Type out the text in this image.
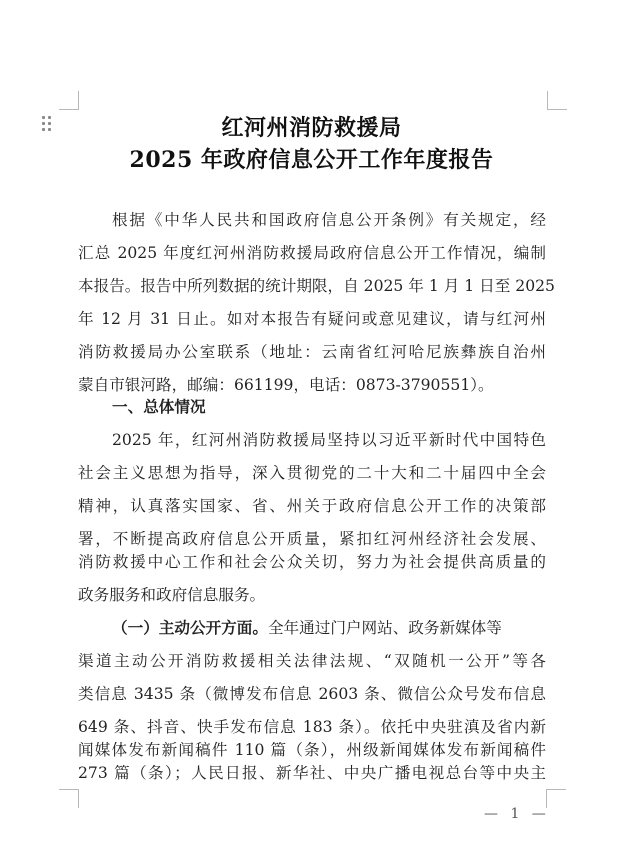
红河州消防救援局
2025 年政府信息公开工作年度报告
根据《中华人民共和国政府信息公开条例》有关规定，经
汇总 2025 年度红河州消防救援局政府信息公开工作情况，编制
本报告。报告中所列数据的统计期限，自 2025 年 1 月 1 日至 2025
年 12 月 31 日止。如对本报告有疑问或意见建议，请与红河州
消防救援局办公室联系（地址：云南省红河哈尼族彝族自治州
蒙自市银河路，邮编：661199，电话：0873-3790551）。
一、总体情况
2025 年，红河州消防救援局坚持以习近平新时代中国特色
社会主义思想为指导，深入贯彻党的二十大和二十届四中全会
精神，认真落实国家、省、州关于政府信息公开工作的决策部
署，不断提高政府信息公开质量，紧扣红河州经济社会发展、
消防救援中心工作和社会公众关切，努力为社会提供高质量的
政务服务和政府信息服务。
（一）主动公开方面。全年通过门户网站、政务新媒体等
渠道主动公开消防救援相关法律法规、“双随机一公开”等各
类信息 3435 条（微博发布信息 2603 条、微信公众号发布信息
649 条、抖音、快手发布信息 183 条）。依托中央驻滇及省内新
闻媒体发布新闻稿件 110 篇（条），州级新闻媒体发布新闻稿件
273 篇（条）；人民日报、新华社、中央广播电视总台等中央主
— 1 —
